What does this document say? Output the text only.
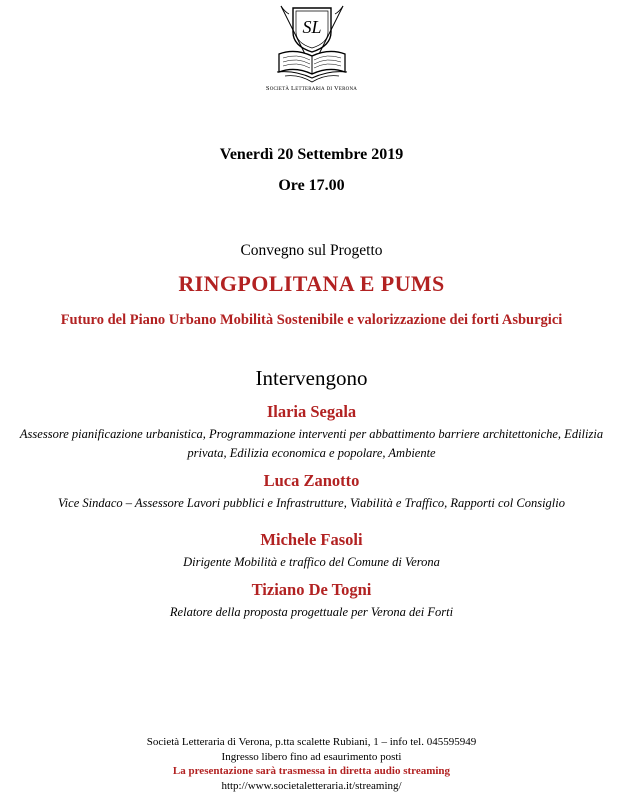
SL
Società Letteraria di Verona
Venerdì 20 Settembre 2019
Ore 17.00
Convegno sul Progetto
RINGPOLITANA E PUMS
Futuro del Piano Urbano Mobilità Sostenibile e valorizzazione dei forti Asburgici
Intervengono
Ilaria Segala
Assessore pianificazione urbanistica, Programmazione interventi per abbattimento barriere architettoniche, Edilizia
privata, Edilizia economica e popolare, Ambiente
Luca Zanotto
Vice Sindaco – Assessore Lavori pubblici e Infrastrutture, Viabilità e Traffico, Rapporti col Consiglio
Michele Fasoli
Dirigente Mobilità e traffico del Comune di Verona
Tiziano De Togni
Relatore della proposta progettuale per Verona dei Forti
Società Letteraria di Verona, p.tta scalette Rubiani, 1 – info tel. 045595949
Ingresso libero fino ad esaurimento posti
La presentazione sarà trasmessa in diretta audio streaming
http://www.societaletteraria.it/streaming/
